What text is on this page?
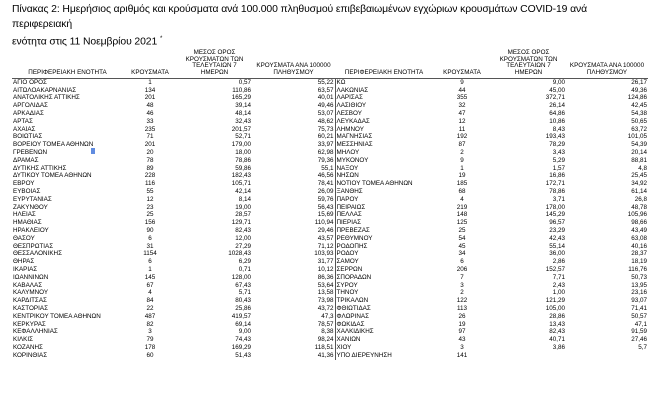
Πίνακας 2: Ημερήσιος αριθμός και κρούσματα ανά 100.000 πληθυσμού επιβεβαιωμένων εγχώριων κρουσμάτων COVID-19 ανά περιφερειακή
ενότητα στις 11 Νοεμβρίου 2021 *
ΠΕΡΙΦΕΡΕΙΑΚΗ ΕΝΟΤΗΤΑ	ΚΡΟΥΣΜΑΤΑ	ΜΕΣΟΣ ΟΡΟΣ ΚΡΟΥΣΜΑΤΩΝ ΤΩΝ ΤΕΛΕΥΤΑΙΩΝ 7 ΗΜΕΡΩΝ	ΚΡΟΥΣΜΑΤΑ ΑΝΑ 100000 ΠΛΗΘΥΣΜΟΥ	ΠΕΡΙΦΕΡΕΙΑΚΗ ΕΝΟΤΗΤΑ	ΚΡΟΥΣΜΑΤΑ	ΜΕΣΟΣ ΟΡΟΣ ΚΡΟΥΣΜΑΤΩΝ ΤΩΝ ΤΕΛΕΥΤΑΙΩΝ 7 ΗΜΕΡΩΝ	ΚΡΟΥΣΜΑΤΑ ΑΝΑ 100000 ΠΛΗΘΥΣΜΟΥ
ΑΓΙΟ ΟΡΟΣ	1	0,57	55,22	ΚΩ	9	9,00	26,17
ΑΙΤΩΛΟΑΚΑΡΝΑΝΙΑΣ	134	110,86	63,57	ΛΑΚΩΝΙΑΣ	44	45,00	49,36
ΑΝΑΤΟΛΙΚΗΣ ΑΤΤΙΚΗΣ	201	165,29	40,01	ΛΑΡΙΣΑΣ	355	372,71	124,86
ΑΡΓΟΛΙΔΑΣ	48	39,14	49,46	ΛΑΣΙΘΙΟΥ	32	26,14	42,45
ΑΡΚΑΔΙΑΣ	46	48,14	53,07	ΛΕΣΒΟΥ	47	64,86	54,38
ΑΡΤΑΣ	33	32,43	48,62	ΛΕΥΚΑΔΑΣ	12	10,86	50,65
ΑΧΑΪΑΣ	235	201,57	75,73	ΛΗΜΝΟΥ	11	8,43	63,72
ΒΟΙΩΤΙΑΣ	71	52,71	60,21	ΜΑΓΝΗΣΙΑΣ	192	193,43	101,05
ΒΟΡΕΙΟΥ ΤΟΜΕΑ ΑΘΗΝΩΝ	201	179,00	33,97	ΜΕΣΣΗΝΙΑΣ	87	78,29	54,39
ΓΡΕΒΕΝΩΝ	20	18,00	62,98	ΜΗΛΟΥ	2	3,43	20,14
ΔΡΑΜΑΣ	78	78,86	79,36	ΜΥΚΟΝΟΥ	9	5,29	88,81
ΔΥΤΙΚΗΣ ΑΤΤΙΚΗΣ	89	59,86	55,1	ΝΑΞΟΥ	1	1,57	4,8
ΔΥΤΙΚΟΥ ΤΟΜΕΑ ΑΘΗΝΩΝ	228	182,43	46,56	ΝΗΣΩΝ	19	16,86	25,45
ΕΒΡΟΥ	116	105,71	78,41	ΝΟΤΙΟΥ ΤΟΜΕΑ ΑΘΗΝΩΝ	185	172,71	34,92
ΕΥΒΟΙΑΣ	55	42,14	26,09	ΞΑΝΘΗΣ	68	78,86	61,14
ΕΥΡΥΤΑΝΙΑΣ	12	8,14	59,76	ΠΑΡΟΥ	4	3,71	26,8
ΖΑΚΥΝΘΟΥ	23	19,00	56,43	ΠΕΙΡΑΙΩΣ	219	178,00	48,78
ΗΛΕΙΑΣ	25	28,57	15,69	ΠΕΛΛΑΣ	148	145,29	105,96
ΗΜΑΘΙΑΣ	156	129,71	110,94	ΠΙΕΡΙΑΣ	125	96,57	98,66
ΗΡΑΚΛΕΙΟΥ	90	82,43	29,46	ΠΡΕΒΕΖΑΣ	25	23,29	43,49
ΘΑΣΟΥ	6	12,00	43,57	ΡΕΘΥΜΝΟΥ	54	42,43	63,08
ΘΕΣΠΡΩΤΙΑΣ	31	27,29	71,12	ΡΟΔΟΠΗΣ	45	55,14	40,16
ΘΕΣΣΑΛΟΝΙΚΗΣ	1154	1028,43	103,93	ΡΟΔΟΥ	34	36,00	28,37
ΘΗΡΑΣ	6	6,29	31,77	ΣΑΜΟΥ	6	2,86	18,19
ΙΚΑΡΙΑΣ	1	0,71	10,12	ΣΕΡΡΩΝ	206	152,57	116,76
ΙΩΑΝΝΙΝΩΝ	145	128,00	86,36	ΣΠΟΡΑΔΩΝ	7	7,71	50,73
ΚΑΒΑΛΑΣ	67	67,43	53,64	ΣΥΡΟΥ	3	2,43	13,95
ΚΑΛΥΜΝΟΥ	4	5,71	13,58	ΤΗΝΟΥ	2	1,00	23,16
ΚΑΡΔΙΤΣΑΣ	84	80,43	73,98	ΤΡΙΚΑΛΩΝ	122	121,29	93,07
ΚΑΣΤΟΡΙΑΣ	22	25,86	43,72	ΦΘΙΩΤΙΔΑΣ	113	105,00	71,41
ΚΕΝΤΡΙΚΟΥ ΤΟΜΕΑ ΑΘΗΝΩΝ	487	419,57	47,3	ΦΛΩΡΙΝΑΣ	26	28,86	50,57
ΚΕΡΚΥΡΑΣ	82	69,14	78,57	ΦΩΚΙΔΑΣ	19	13,43	47,1
ΚΕΦΑΛΛΗΝΙΑΣ	3	9,00	8,38	ΧΑΛΚΙΔΙΚΗΣ	97	82,43	91,59
ΚΙΛΚΙΣ	79	74,43	98,24	ΧΑΝΙΩΝ	43	40,71	27,46
ΚΟΖΑΝΗΣ	178	169,29	118,51	ΧΙΟΥ	3	3,86	5,7
ΚΟΡΙΝΘΙΑΣ	60	51,43	41,36	ΥΠΟ ΔΙΕΡΕΥΝΗΣΗ	141		
